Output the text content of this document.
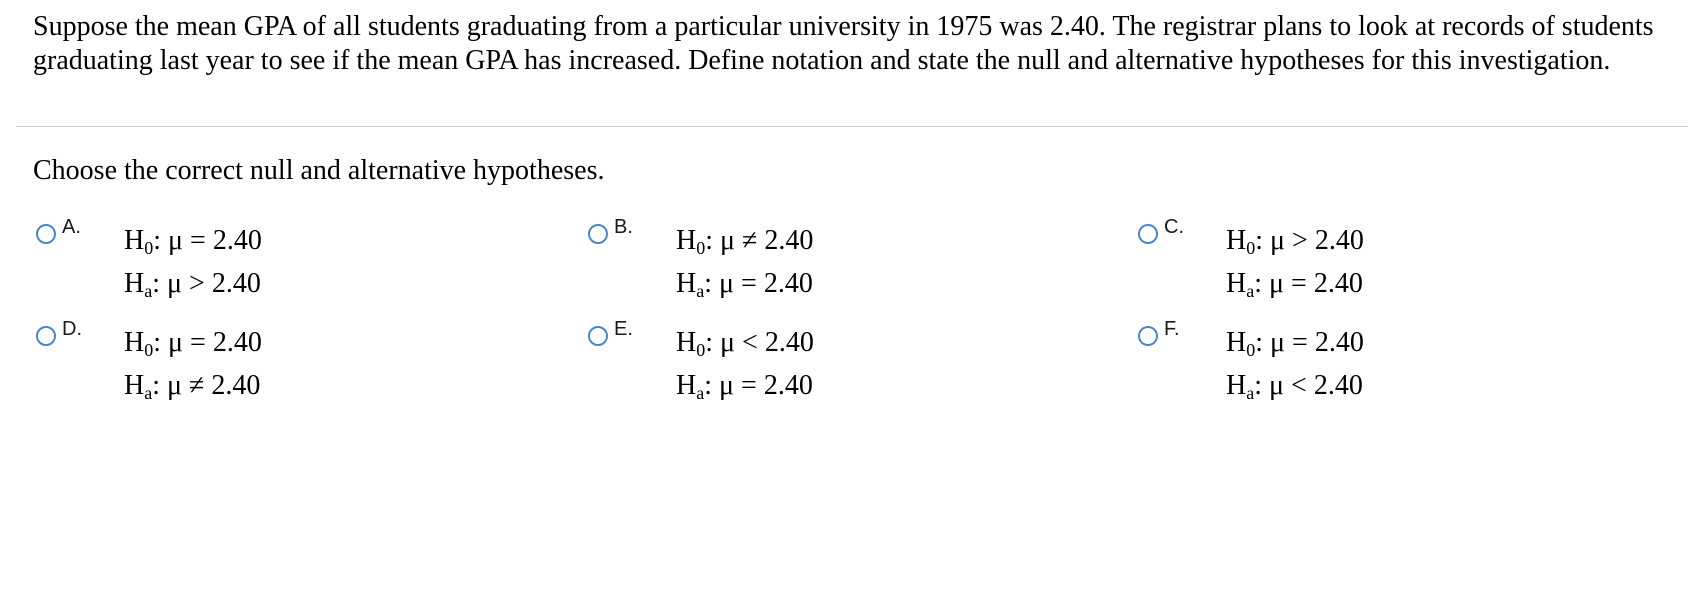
Suppose the mean GPA of all students graduating from a particular university in 1975 was 2.40. The registrar plans to look at records of students graduating last year to see if the mean GPA has increased. Define notation and state the null and alternative hypotheses for this investigation.

Choose the correct null and alternative hypotheses.

A. $H_0$: μ = 2.40
$H_a$: μ > 2.40
B. $H_0$: μ ≠ 2.40
$H_a$: μ = 2.40
C. $H_0$: μ > 2.40
$H_a$: μ = 2.40
D. $H_0$: μ = 2.40
$H_a$: μ ≠ 2.40
E. $H_0$: μ < 2.40
$H_a$: μ = 2.40
F. $H_0$: μ = 2.40
$H_a$: μ < 2.40
